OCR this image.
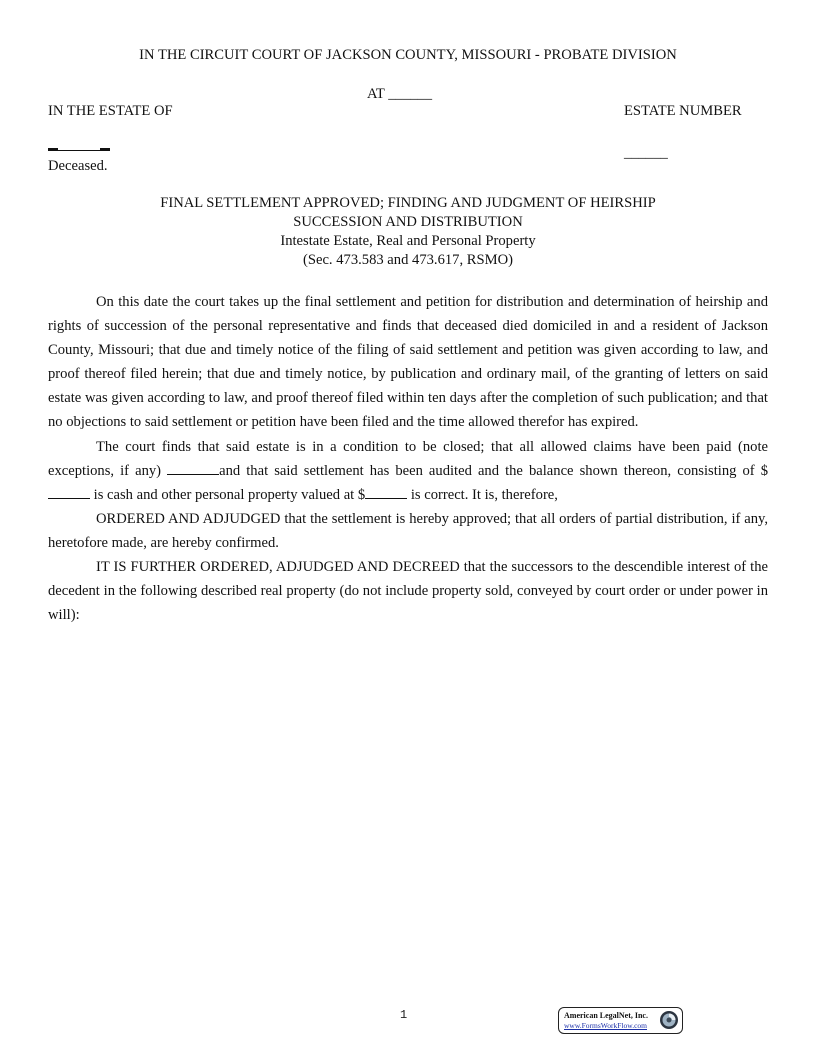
IN THE CIRCUIT COURT OF JACKSON COUNTY, MISSOURI - PROBATE DIVISION
AT ______
IN THE ESTATE OF	ESTATE NUMBER
______
Deceased.
FINAL SETTLEMENT APPROVED; FINDING AND JUDGMENT OF HEIRSHIP
SUCCESSION AND DISTRIBUTION
Intestate Estate, Real and Personal Property
(Sec. 473.583 and 473.617, RSMO)

On this date the court takes up the final settlement and petition for distribution and determination of heirship and rights of succession of the personal representative and finds that deceased died domiciled in and a resident of Jackson County, Missouri; that due and timely notice of the filing of said settlement and petition was given according to law, and proof thereof filed herein; that due and timely notice, by publication and ordinary mail, of the granting of letters on said estate was given according to law, and proof thereof filed within ten days after the completion of such publication; and that no objections to said settlement or petition have been filed and the time allowed therefor has expired.

The court finds that said estate is in a condition to be closed; that all allowed claims have been paid (note exceptions, if any)	and that said settlement has been audited and the balance shown thereon, consisting of $ is cash and other personal property valued at $	is correct. It is, therefore,

ORDERED AND ADJUDGED that the settlement is hereby approved; that all orders of partial distribution, if any, heretofore made, are hereby confirmed.

IT IS FURTHER ORDERED, ADJUDGED AND DECREED that the successors to the descendible interest of the decedent in the following described real property (do not include property sold, conveyed by court order or under power in will):

1	American LegalNet, Inc.
www.FormsWorkFlow.com
